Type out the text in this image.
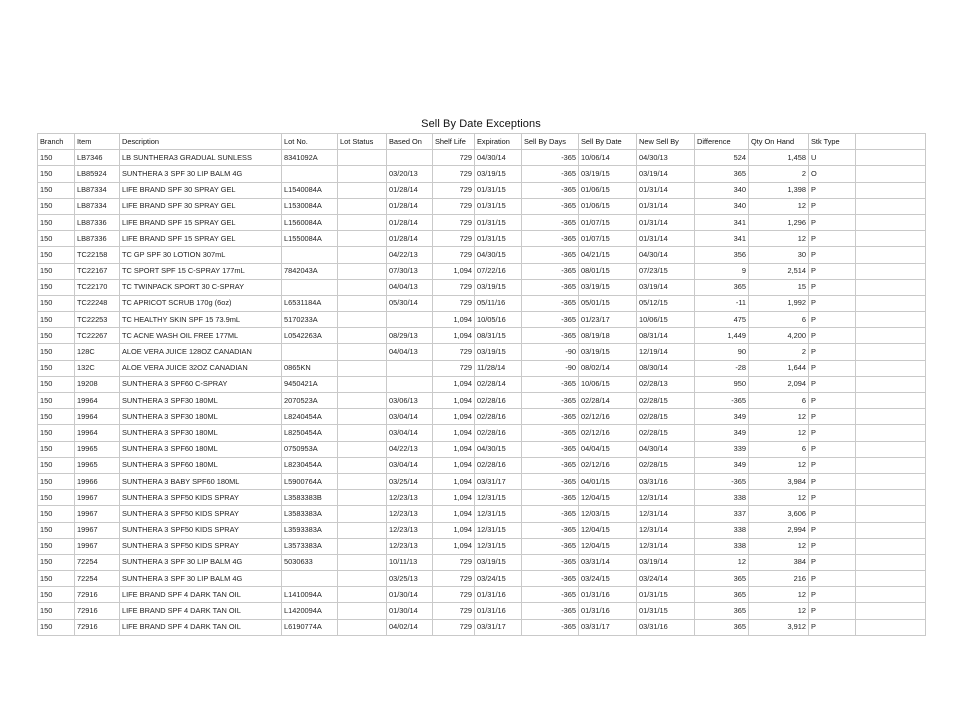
Sell By Date Exceptions
Branch	Item	Description	Lot No.	Lot Status	Based On	Shelf Life	Expiration	Sell By Days	Sell By Date	New Sell By	Difference	Qty On Hand	Stk Type	
150	LB7346	LB SUNTHERA3 GRADUAL SUNLESS	8341092A			729	04/30/14	-365	10/06/14	04/30/13	524	1,458	U	
150	LB85924	SUNTHERA 3 SPF 30 LIP BALM 4G			03/20/13	729	03/19/15	-365	03/19/15	03/19/14	365	2	O	
150	LB87334	LIFE BRAND SPF 30 SPRAY GEL	L1540084A		01/28/14	729	01/31/15	-365	01/06/15	01/31/14	340	1,398	P	
150	LB87334	LIFE BRAND SPF 30 SPRAY GEL	L1530084A		01/28/14	729	01/31/15	-365	01/06/15	01/31/14	340	12	P	
150	LB87336	LIFE BRAND SPF 15 SPRAY GEL	L1560084A		01/28/14	729	01/31/15	-365	01/07/15	01/31/14	341	1,296	P	
150	LB87336	LIFE BRAND SPF 15 SPRAY GEL	L1550084A		01/28/14	729	01/31/15	-365	01/07/15	01/31/14	341	12	P	
150	TC22158	TC GP SPF 30 LOTION 307mL			04/22/13	729	04/30/15	-365	04/21/15	04/30/14	356	30	P	
150	TC22167	TC SPORT SPF 15 C-SPRAY 177mL	7842043A		07/30/13	1,094	07/22/16	-365	08/01/15	07/23/15	9	2,514	P	
150	TC22170	TC TWINPACK SPORT 30 C-SPRAY			04/04/13	729	03/19/15	-365	03/19/15	03/19/14	365	15	P	
150	TC22248	TC APRICOT SCRUB 170g (6oz)	L6531184A		05/30/14	729	05/11/16	-365	05/01/15	05/12/15	-11	1,992	P	
150	TC22253	TC HEALTHY SKIN SPF 15 73.9mL	5170233A			1,094	10/05/16	-365	01/23/17	10/06/15	475	6	P	
150	TC22267	TC ACNE WASH OIL FREE 177ML	L0542263A		08/29/13	1,094	08/31/15	-365	08/19/18	08/31/14	1,449	4,200	P	
150	128C	ALOE VERA JUICE 128OZ CANADIAN			04/04/13	729	03/19/15	-90	03/19/15	12/19/14	90	2	P	
150	132C	ALOE VERA JUICE 32OZ CANADIAN	0865KN			729	11/28/14	-90	08/02/14	08/30/14	-28	1,644	P	
150	19208	SUNTHERA 3 SPF60 C-SPRAY	9450421A			1,094	02/28/14	-365	10/06/15	02/28/13	950	2,094	P	
150	19964	SUNTHERA 3 SPF30 180ML	2070523A		03/06/13	1,094	02/28/16	-365	02/28/14	02/28/15	-365	6	P	
150	19964	SUNTHERA 3 SPF30 180ML	L8240454A		03/04/14	1,094	02/28/16	-365	02/12/16	02/28/15	349	12	P	
150	19964	SUNTHERA 3 SPF30 180ML	L8250454A		03/04/14	1,094	02/28/16	-365	02/12/16	02/28/15	349	12	P	
150	19965	SUNTHERA 3 SPF60 180ML	0750953A		04/22/13	1,094	04/30/15	-365	04/04/15	04/30/14	339	6	P	
150	19965	SUNTHERA 3 SPF60 180ML	L8230454A		03/04/14	1,094	02/28/16	-365	02/12/16	02/28/15	349	12	P	
150	19966	SUNTHERA 3 BABY SPF60 180ML	L5900764A		03/25/14	1,094	03/31/17	-365	04/01/15	03/31/16	-365	3,984	P	
150	19967	SUNTHERA 3 SPF50 KIDS SPRAY	L3583383B		12/23/13	1,094	12/31/15	-365	12/04/15	12/31/14	338	12	P	
150	19967	SUNTHERA 3 SPF50 KIDS SPRAY	L3583383A		12/23/13	1,094	12/31/15	-365	12/03/15	12/31/14	337	3,606	P	
150	19967	SUNTHERA 3 SPF50 KIDS SPRAY	L3593383A		12/23/13	1,094	12/31/15	-365	12/04/15	12/31/14	338	2,994	P	
150	19967	SUNTHERA 3 SPF50 KIDS SPRAY	L3573383A		12/23/13	1,094	12/31/15	-365	12/04/15	12/31/14	338	12	P	
150	72254	SUNTHERA 3 SPF 30 LIP BALM 4G	5030633		10/11/13	729	03/19/15	-365	03/31/14	03/19/14	12	384	P	
150	72254	SUNTHERA 3 SPF 30 LIP BALM 4G			03/25/13	729	03/24/15	-365	03/24/15	03/24/14	365	216	P	
150	72916	LIFE BRAND SPF 4 DARK TAN OIL	L1410094A		01/30/14	729	01/31/16	-365	01/31/16	01/31/15	365	12	P	
150	72916	LIFE BRAND SPF 4 DARK TAN OIL	L1420094A		01/30/14	729	01/31/16	-365	01/31/16	01/31/15	365	12	P	
150	72916	LIFE BRAND SPF 4 DARK TAN OIL	L6190774A		04/02/14	729	03/31/17	-365	03/31/17	03/31/16	365	3,912	P	
